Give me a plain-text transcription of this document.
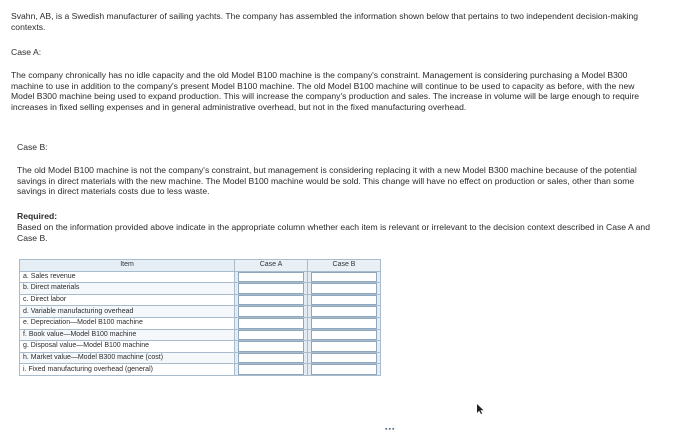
Svahn, AB, is a Swedish manufacturer of sailing yachts. The company has assembled the information shown below that pertains to two independent decision-making contexts.
Case A:
The company chronically has no idle capacity and the old Model B100 machine is the company's constraint. Management is considering purchasing a Model B300 machine to use in addition to the company's present Model B100 machine. The old Model B100 machine will continue to be used to capacity as before, with the new Model B300 machine being used to expand production. This will increase the company's production and sales. The increase in volume will be large enough to require increases in fixed selling expenses and in general administrative overhead, but not in the fixed manufacturing overhead.
Case B:
The old Model B100 machine is not the company's constraint, but management is considering replacing it with a new Model B300 machine because of the potential savings in direct materials with the new machine. The Model B100 machine would be sold. This change will have no effect on production or sales, other than some savings in direct materials costs due to less waste.
Required:
Based on the information provided above indicate in the appropriate column whether each item is relevant or irrelevant to the decision context described in Case A and Case B.
Item	Case A	Case B
a. Sales revenue	

b. Direct materials	

c. Direct labor	

d. Variable manufacturing overhead	

e. Depreciation—Model B100 machine	

f. Book value—Model B100 machine	

g. Disposal value—Model B100 machine	

h. Market value—Model B300 machine (cost)	

i. Fixed manufacturing overhead (general)	

▪▪▪
